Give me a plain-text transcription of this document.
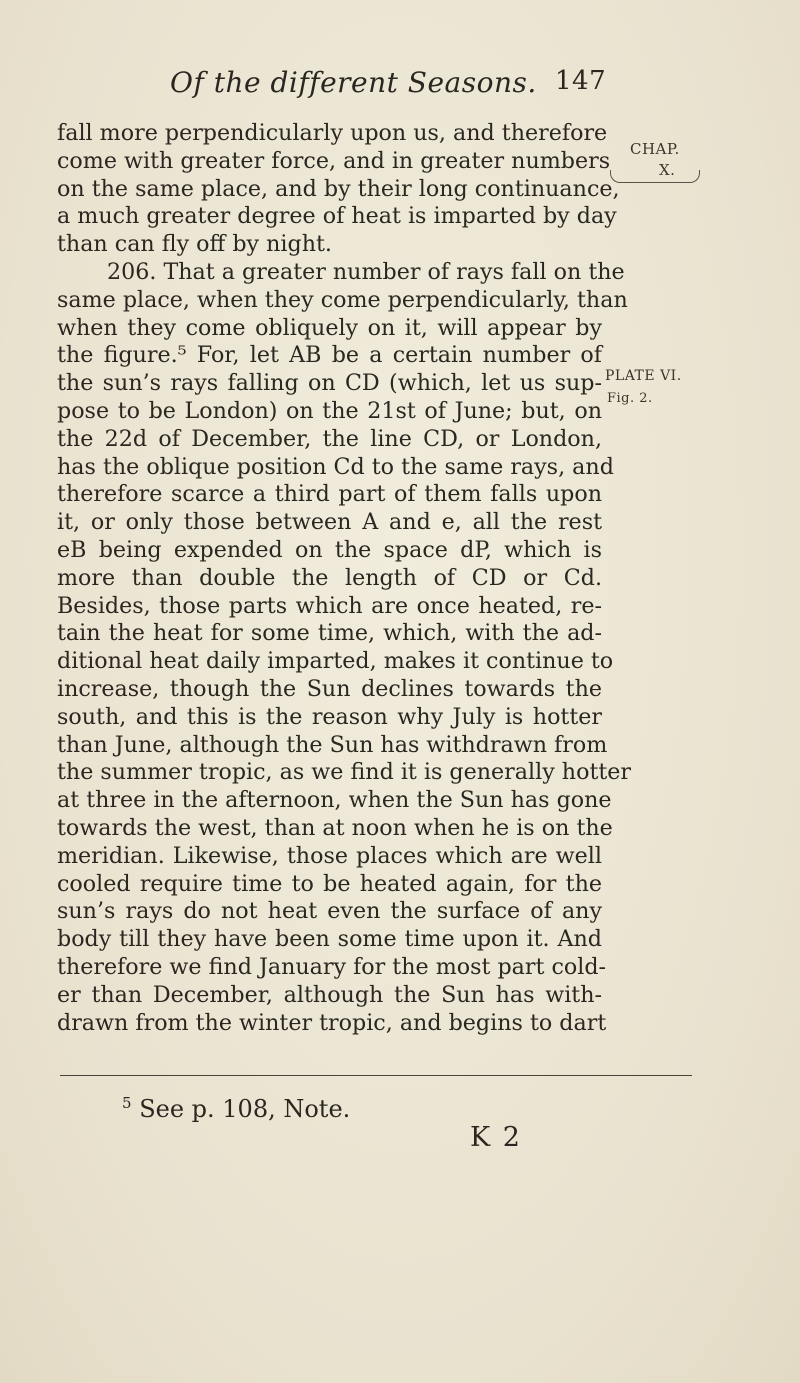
Of the different Seasons. 147
CHAP.
X.
PLATE VI.
Fig. 2.
fall more perpendicularly upon us, and therefore
come with greater force, and in greater numbers
on the same place, and by their long continuance,
a much greater degree of heat is imparted by day
than can fly off by night.
206. That a greater number of rays fall on the
same place, when they come perpendicularly, than
when they come obliquely on it, will appear by
the figure.⁵ For, let AB be a certain number of
the sun’s rays falling on CD (which, let us sup-
pose to be London) on the 21st of June; but, on
the 22d of December, the line CD, or London,
has the oblique position Cd to the same rays, and
therefore scarce a third part of them falls upon
it, or only those between A and e, all the rest
eB being expended on the space dP, which is
more than double the length of CD or Cd.
Besides, those parts which are once heated, re-
tain the heat for some time, which, with the ad-
ditional heat daily imparted, makes it continue to
increase, though the Sun declines towards the
south, and this is the reason why July is hotter
than June, although the Sun has withdrawn from
the summer tropic, as we find it is generally hotter
at three in the afternoon, when the Sun has gone
towards the west, than at noon when he is on the
meridian. Likewise, those places which are well
cooled require time to be heated again, for the
sun’s rays do not heat even the surface of any
body till they have been some time upon it. And
therefore we find January for the most part cold-
er than December, although the Sun has with-
drawn from the winter tropic, and begins to dart
$^5$ See p. 108, Note.
K 2
